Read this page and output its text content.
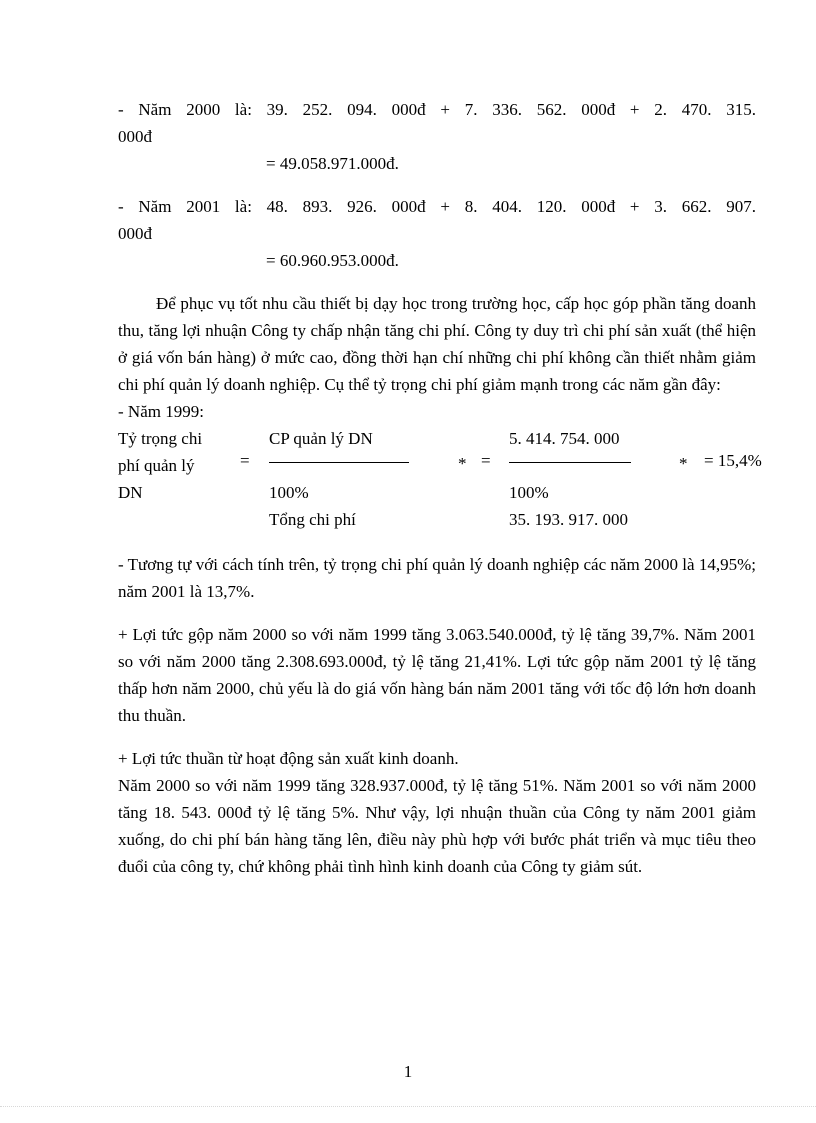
- Năm 2000 là: 39. 252. 094. 000đ + 7. 336. 562. 000đ + 2. 470. 315.
000đ
= 49.058.971.000đ.
- Năm 2001 là: 48. 893. 926. 000đ + 8. 404. 120. 000đ + 3. 662. 907.
000đ
= 60.960.953.000đ.

Để phục vụ tốt nhu cầu thiết bị dạy học trong trường học, cấp học góp phần tăng doanh thu, tăng lợi nhuận Công ty chấp nhận tăng chi phí. Công ty duy trì chi phí sản xuất (thể hiện ở giá vốn bán hàng) ở mức cao, đồng thời hạn chí những chi phí không cần thiết nhằm giảm chi phí quản lý doanh nghiệp. Cụ thể tỷ trọng chi phí giảm mạnh trong các năm gần đây:

- Năm 1999:
Tỷ trọng chi
phí quản lý
DN
=
CP quản lý DN
100%
Tổng chi phí
* =
5. 414. 754. 000
100%
35. 193. 917. 000
* = 15,4%

- Tương tự với cách tính trên, tỷ trọng chi phí quản lý doanh nghiệp các năm 2000 là 14,95%; năm 2001 là 13,7%.

+ Lợi tức gộp năm 2000 so với năm 1999 tăng 3.063.540.000đ, tỷ lệ tăng 39,7%. Năm 2001 so với năm 2000 tăng 2.308.693.000đ, tỷ lệ tăng 21,41%. Lợi tức gộp năm 2001 tỷ lệ tăng thấp hơn năm 2000, chủ yếu là do giá vốn hàng bán năm 2001 tăng với tốc độ lớn hơn doanh thu thuần.

+ Lợi tức thuần từ hoạt động sản xuất kinh doanh.

Năm 2000 so với năm 1999 tăng 328.937.000đ, tỷ lệ tăng 51%. Năm 2001 so với năm 2000 tăng 18. 543. 000đ tỷ lệ tăng 5%. Như vậy, lợi nhuận thuần của Công ty năm 2001 giảm xuống, do chi phí bán hàng tăng lên, điều này phù hợp với bước phát triển và mục tiêu theo đuổi của công ty, chứ không phải tình hình kinh doanh của Công ty giảm sút.

1
